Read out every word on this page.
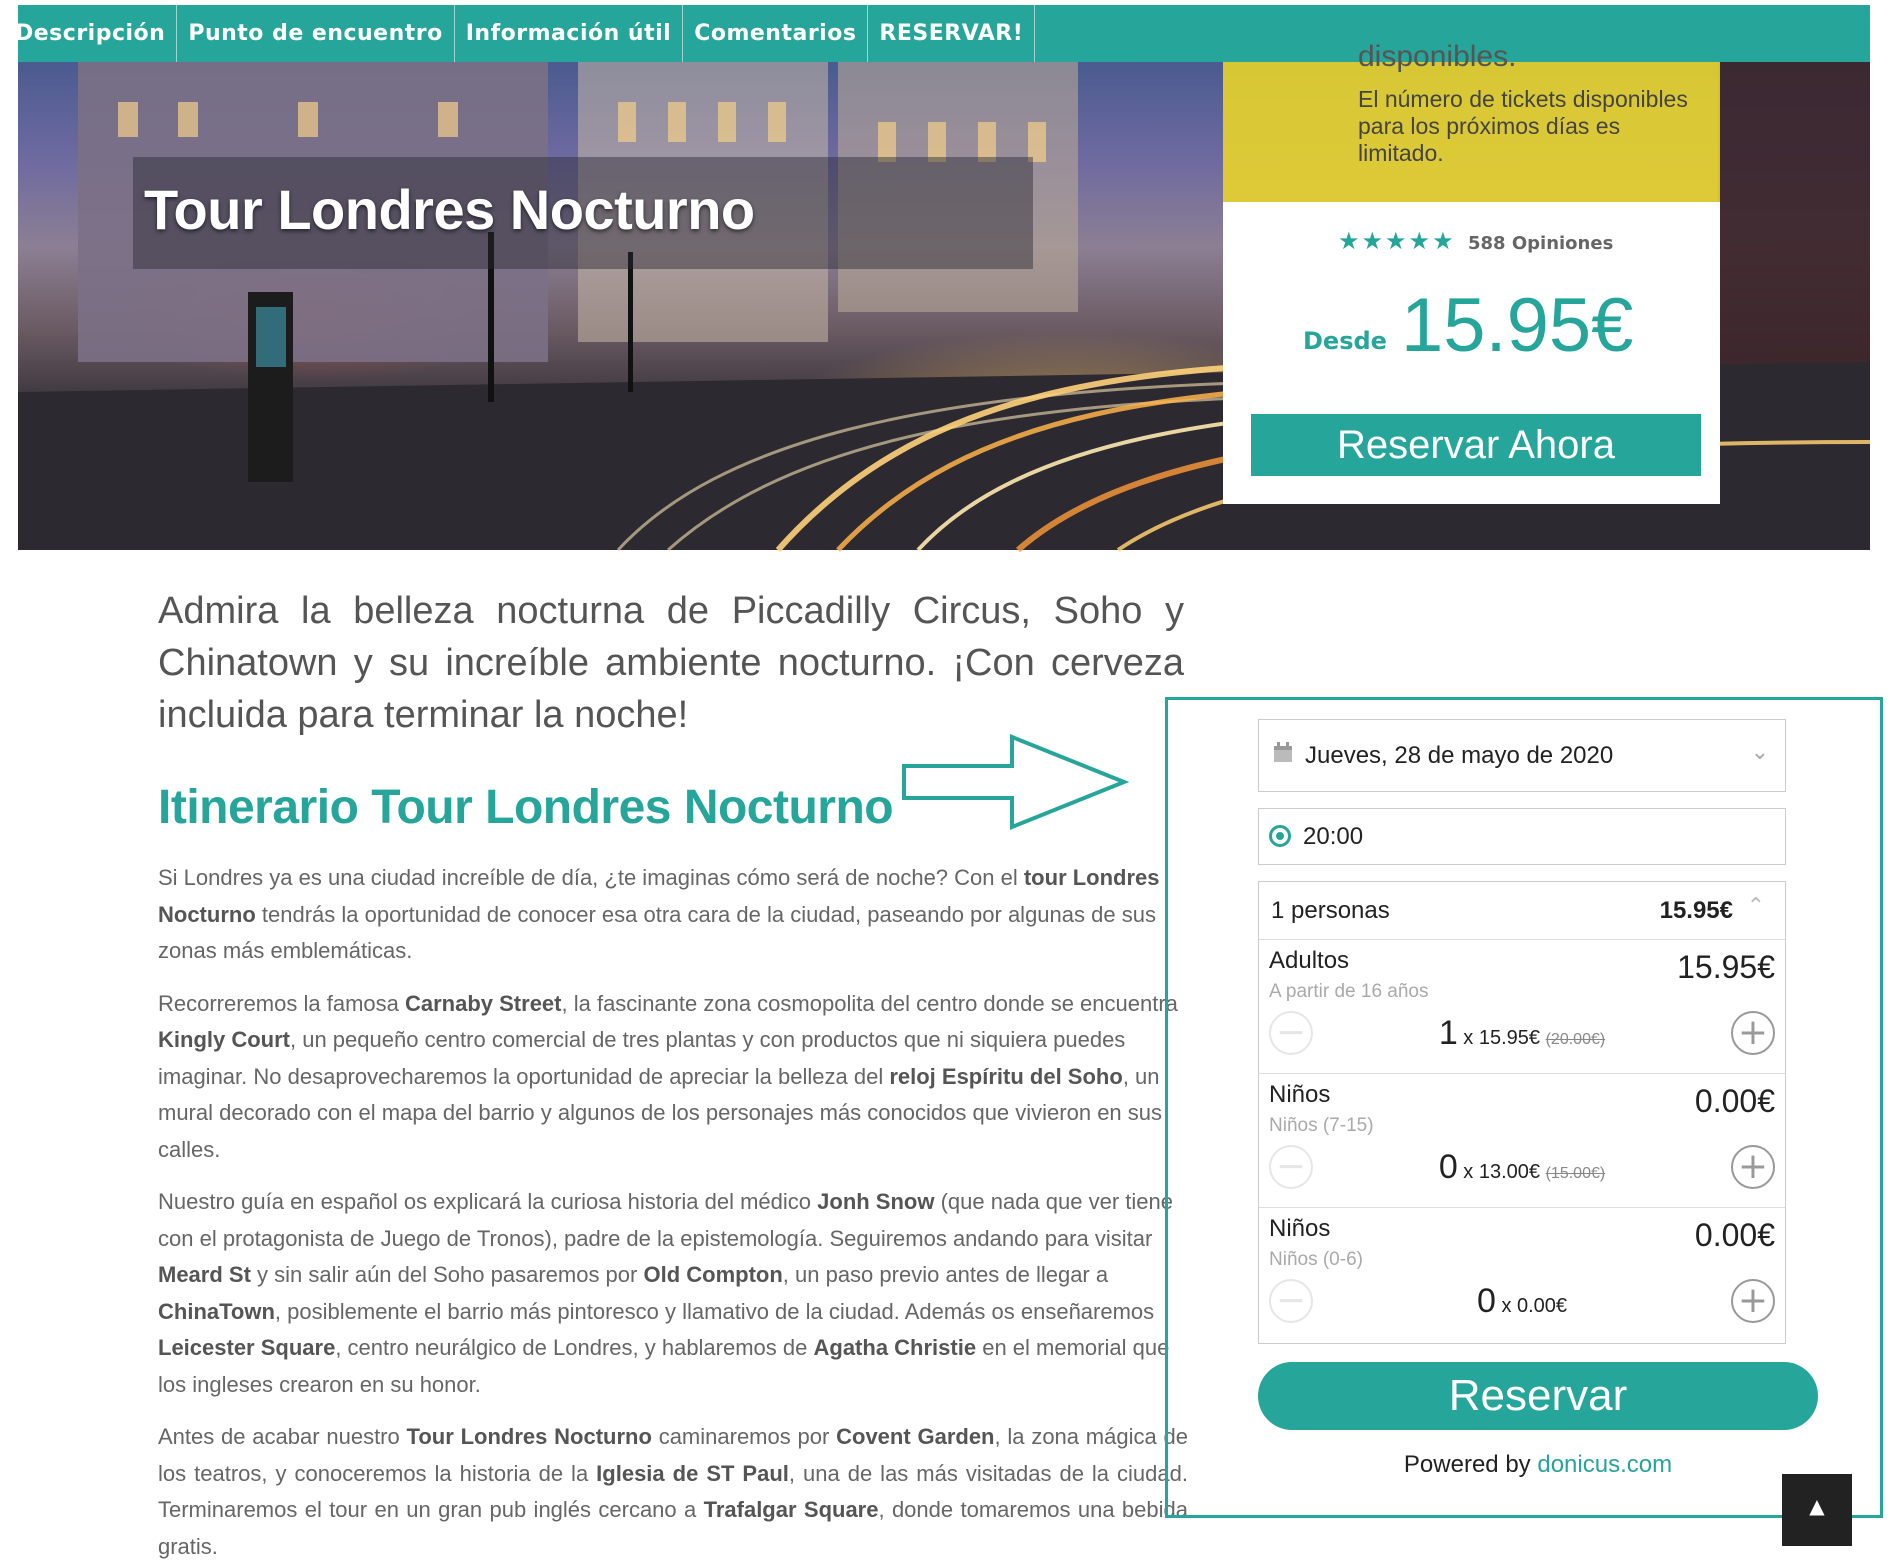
Descripción	Punto de encuentro	Información útil	Comentarios	RESERVAR!
Tour Londres Nocturno
disponibles.
El número de tickets disponibles para los próximos días es limitado.
★★★★★ 588 Opiniones
Desde 15.95€
Reservar Ahora
Admira la belleza nocturna de Piccadilly Circus, Soho y Chinatown y su increíble ambiente nocturno. ¡Con cerveza incluida para terminar la noche!
Itinerario Tour Londres Nocturno

Si Londres ya es una ciudad increíble de día, ¿te imaginas cómo será de noche? Con el tour Londres Nocturno tendrás la oportunidad de conocer esa otra cara de la ciudad, paseando por algunas de sus zonas más emblemáticas.

Recorreremos la famosa Carnaby Street, la fascinante zona cosmopolita del centro donde se encuentra Kingly Court, un pequeño centro comercial de tres plantas y con productos que ni siquiera puedes imaginar. No desaprovecharemos la oportunidad de apreciar la belleza del reloj Espíritu del Soho, un mural decorado con el mapa del barrio y algunos de los personajes más conocidos que vivieron en sus calles.

Nuestro guía en español os explicará la curiosa historia del médico Jonh Snow (que nada que ver tiene con el protagonista de Juego de Tronos), padre de la epistemología. Seguiremos andando para visitar Meard St y sin salir aún del Soho pasaremos por Old Compton, un paso previo antes de llegar a ChinaTown, posiblemente el barrio más pintoresco y llamativo de la ciudad. Además os enseñaremos Leicester Square, centro neurálgico de Londres, y hablaremos de Agatha Christie en el memorial que los ingleses crearon en su honor.

Antes de acabar nuestro Tour Londres Nocturno caminaremos por Covent Garden, la zona mágica de los teatros, y conoceremos la historia de la Iglesia de ST Paul, una de las más visitadas de la ciudad. Terminaremos el tour en un gran pub inglés cercano a Trafalgar Square, donde tomaremos una bebida gratis.

Jueves, 28 de mayo de 2020	⌄
20:00
1 personas	15.95€ ⌃
Adultos
A partir de 16 años
15.95€
1 x 15.95€ (20.00€)
−	+
Niños
Niños (7-15)
0.00€
0 x 13.00€ (15.00€)
−	+
Niños
Niños (0-6)
0.00€
0 x 0.00€
−	+
Reservar
Powered by donicus.com
▲
